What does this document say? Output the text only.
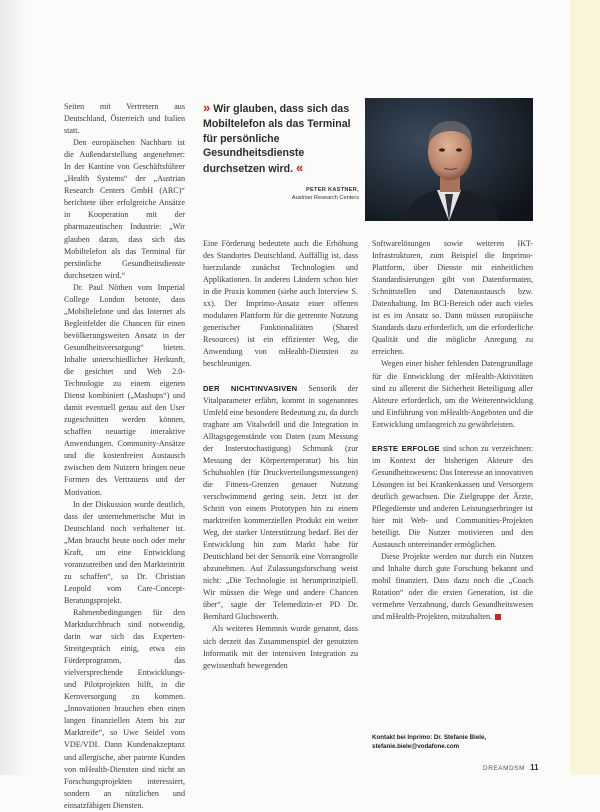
Seiten mit Vertretern aus Deutschland, Österreich und Italien statt.

Den europäischen Nachbarn ist die Außendarstellung angenehmer: In der Kantine von Geschäftsführer „Health Systems“ der „Austrian Research Centers GmbH (ARC)“ berichtete über erfolgreiche Ansätze in Kooperation mit der pharmazeutischen Industrie: „Wir glauben daran, dass sich das Mobiltelefon als das Terminal für persönliche Gesundheitsdienste durchsetzen wird.“

Dr. Paul Nöthen vom Imperial College London betonte, dass „Mobiltelefone und das Internet als Begleitfelder die Chancen für einen bevölkerungsweiten Ansatz in der Gesundheitsversorgung“ bieten. Inhalte unterschiedlicher Herkunft, die gesichtet und Web 2.0-Technologie zu einem eigenen Dienst kombiniert („Mashups“) und damit eventuell genau auf den User zugeschnitten werden können, schaffen neuartige interaktive Anwendungen. Community-Ansätze und die kostenfreien Austausch zwischen dem Nutzern bringen neue Formen des Vertrauens und der Motivation.

In der Diskussion wurde deutlich, dass der unternehmerische Mut in Deutschland noch verhaltener ist. „Man braucht heute noch oder mehr Kraft, um eine Entwicklung voranzutreiben und den Markteintritt zu schaffen“, so Dr. Christian Leopold vom Care-Concept-Beratungsprojekt.

Rahmenbedingungen für den Marktdurchbruch sind notwendig, darin war sich das Experten-Streitgespräch einig, etwa ein Förderprogramm, das vielversprechende Entwicklungs- und Pilotprojekten hilft, in die Kernversorgung zu kommen. „Innovationen brauchen eben einen langen finanziellen Atem bis zur Marktreife“, so Uwe Seidel vom VDE/VDI. Dann Kundenakzeptanz und allergische, aber patente Kunden von mHealth-Diensten sind nicht an Forschungsprojekten interessiert, sondern an nützlichen und einsatzfähigen Diensten.

» Wir glauben, dass sich das Mobiltelefon als das Terminal für persönliche Gesundheitsdienste durchsetzen wird. «
PETER KASTNER,
Austrian Research Centers

Eine Förderung bedeutete auch die Erhöhung des Standortes Deutschland. Auffällig ist, dass hierzulande zunächst Technologien und Applikationen. In anderen Ländern schon hier in die Praxis kommen (siehe auch Interview S. xx). Der Imprimo-Ansatz einer offenen modularen Plattform für die getrennte Nutzung generischer Funktionalitäten (Shared Resources) ist ein effizienter Weg, die Anwendung von mHealth-Diensten zu beschleunigen.

DER NICHTINVASIVEN Sensorik der Vitalparameter erfährt, kommt in sogenanntes Umfeld eine besondere Bedeutung zu, da durch tragbare am Vitalwdell und die Integration in Alltagsgegenstände von Daten (zum Messung der Insterstochastigung) Schmunk (zur Messung der Körpertemperatur) bis hin Schuhsohlen (für Druckverteilungsmessungen) die Fitness-Grenzen genauer Nutzung verschwimmend gering sein. Jetzt ist der Schritt von einem Prototypen hin zu einem marktreifen kommerziellen Produkt ein weiter Weg, der starker Unterstützung bedarf. Bei der Entwicklung hin zum Markt habe für Deutschland bei der Sensorik eine Vorrangrolle abzunehmen. Auf Zulassungsforschung weist nicht: „Die Technologie ist herumprinzipiell. Wir müssen die Wege und andere Chancen über“, sagte der Telemedizin-er PD Dr. Bernhard Gluchswerth.

Als weiteres Hemmnis wurde genannt, dass sich derzeit das Zusammenspiel der genutzten Informatik mit der intensiven Integration zu gewissenhaft bewegenden

Softwarelösungen sowie weiteren IKT-Infrastrukturen, zum Beispiel die Imprimo-Plattform, über Dienste mit einheitlichen Standardisierungen gibt von Datenformaten, Schnittstellen und Datenaustausch bzw. Datenhaltung. Im BCI-Bereich oder auch vieles ist es im Ansatz so. Dann müssen europäische Standards dazu erforderlich, um die erforderliche Qualität und die mögliche Anregung zu erreichen.

Wegen einer bisher fehlenden Datengrundlage für die Entwicklung der mHealth-Aktivitäten sind zu allererst die Sicherheit Beteiligung aller Akteure erforderlich, um die Weiterentwicklung und Einführung von mHealth-Angeboten und die Entwicklung umfangreich zu gewährleisten.

ERSTE ERFOLGE sind schon zu verzeichnen: im Kontext der bisherigen Akteure des Gesundheitswesens: Das Interesse an innovativen Lösungen ist bei Krankenkassen und Versorgern deutlich gewachsen. Die Zielgruppe der Ärzte, Pflegedienste und anderen Leistungserbringer ist hier mit Web- und Communities-Projekten beteiligt. Die Nutzer motivieren und den Austausch untereinander ermöglichen.

Diese Projekte werden nur durch ein Nutzen und Inhalte durch gute Forschung bekannt und mobil finanziert. Dass dazu noch die „Coach Rotation“ oder die ersten Generation, ist die vermehrte Verzahnung, durch Gesundheitswesen und mHealth-Projekten, mitzuhalten.

Kontakt bei Inprimo: Dr. Stefanie Biele, stefanie.biele@vodafone.com
DREAMDSM 11
